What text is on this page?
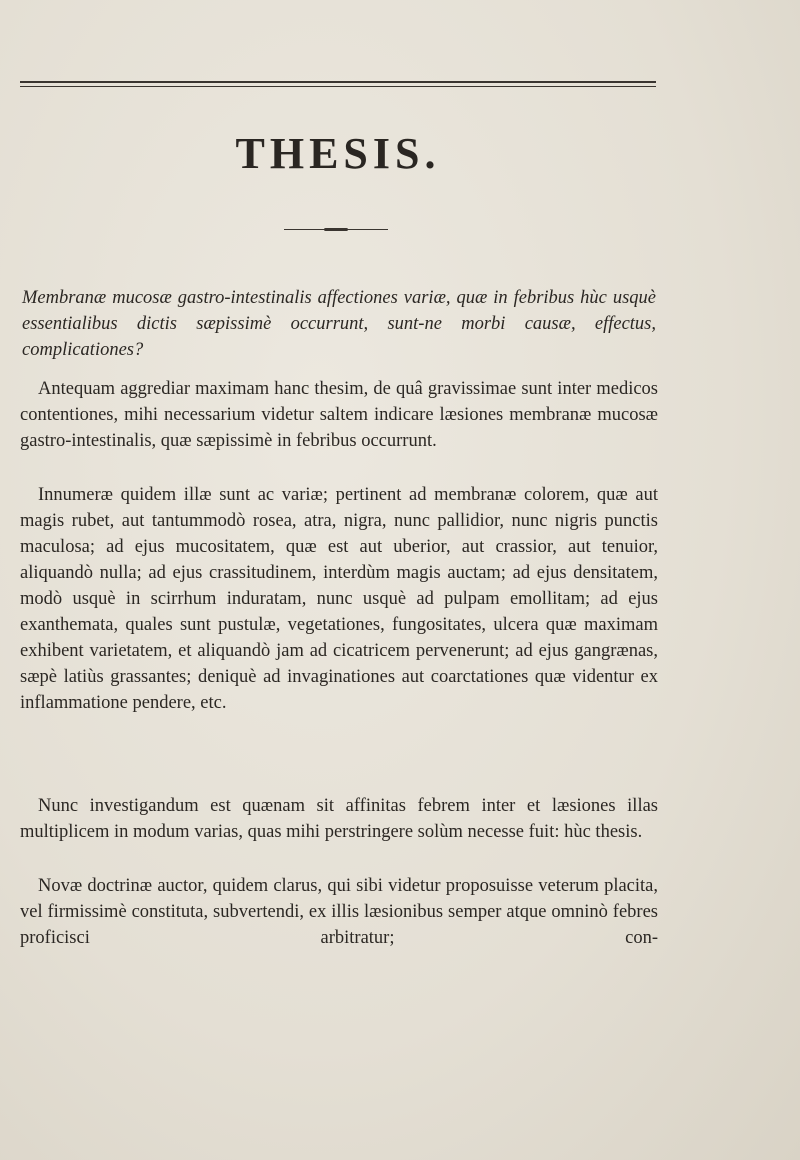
THESIS.

Membranæ mucosæ gastro-intestinalis affectiones variæ, quæ in febribus hùc usquè essentialibus dictis sæpissimè occurrunt, sunt-ne morbi causæ, effectus, complicationes?

Antequam aggrediar maximam hanc thesim, de quâ gravissimae sunt inter medicos contentiones, mihi necessarium videtur saltem indicare læsiones membranæ mucosæ gastro-intestinalis, quæ sæpissimè in febribus occurrunt.

Innumeræ quidem illæ sunt ac variæ; pertinent ad membranæ colorem, quæ aut magis rubet, aut tantummodò rosea, atra, nigra, nunc pallidior, nunc nigris punctis maculosa; ad ejus mucositatem, quæ est aut uberior, aut crassior, aut tenuior, aliquandò nulla; ad ejus crassitudinem, interdùm magis auctam; ad ejus densitatem, modò usquè in scirrhum induratam, nunc usquè ad pulpam emollitam; ad ejus exanthemata, quales sunt pustulæ, vegetationes, fungositates, ulcera quæ maximam exhibent varietatem, et aliquandò jam ad cicatricem pervenerunt; ad ejus gangrænas, sæpè latiùs grassantes; deniquè ad invaginationes aut coarctationes quæ videntur ex inflammatione pendere, etc.

Nunc investigandum est quænam sit affinitas febrem inter et læsiones illas multiplicem in modum varias, quas mihi perstringere solùm necesse fuit: hùc thesis.

Novæ doctrinæ auctor, quidem clarus, qui sibi videtur proposuisse veterum placita, vel firmissimè constituta, subvertendi, ex illis læsionibus semper atque omninò febres proficisci arbitratur; con-
